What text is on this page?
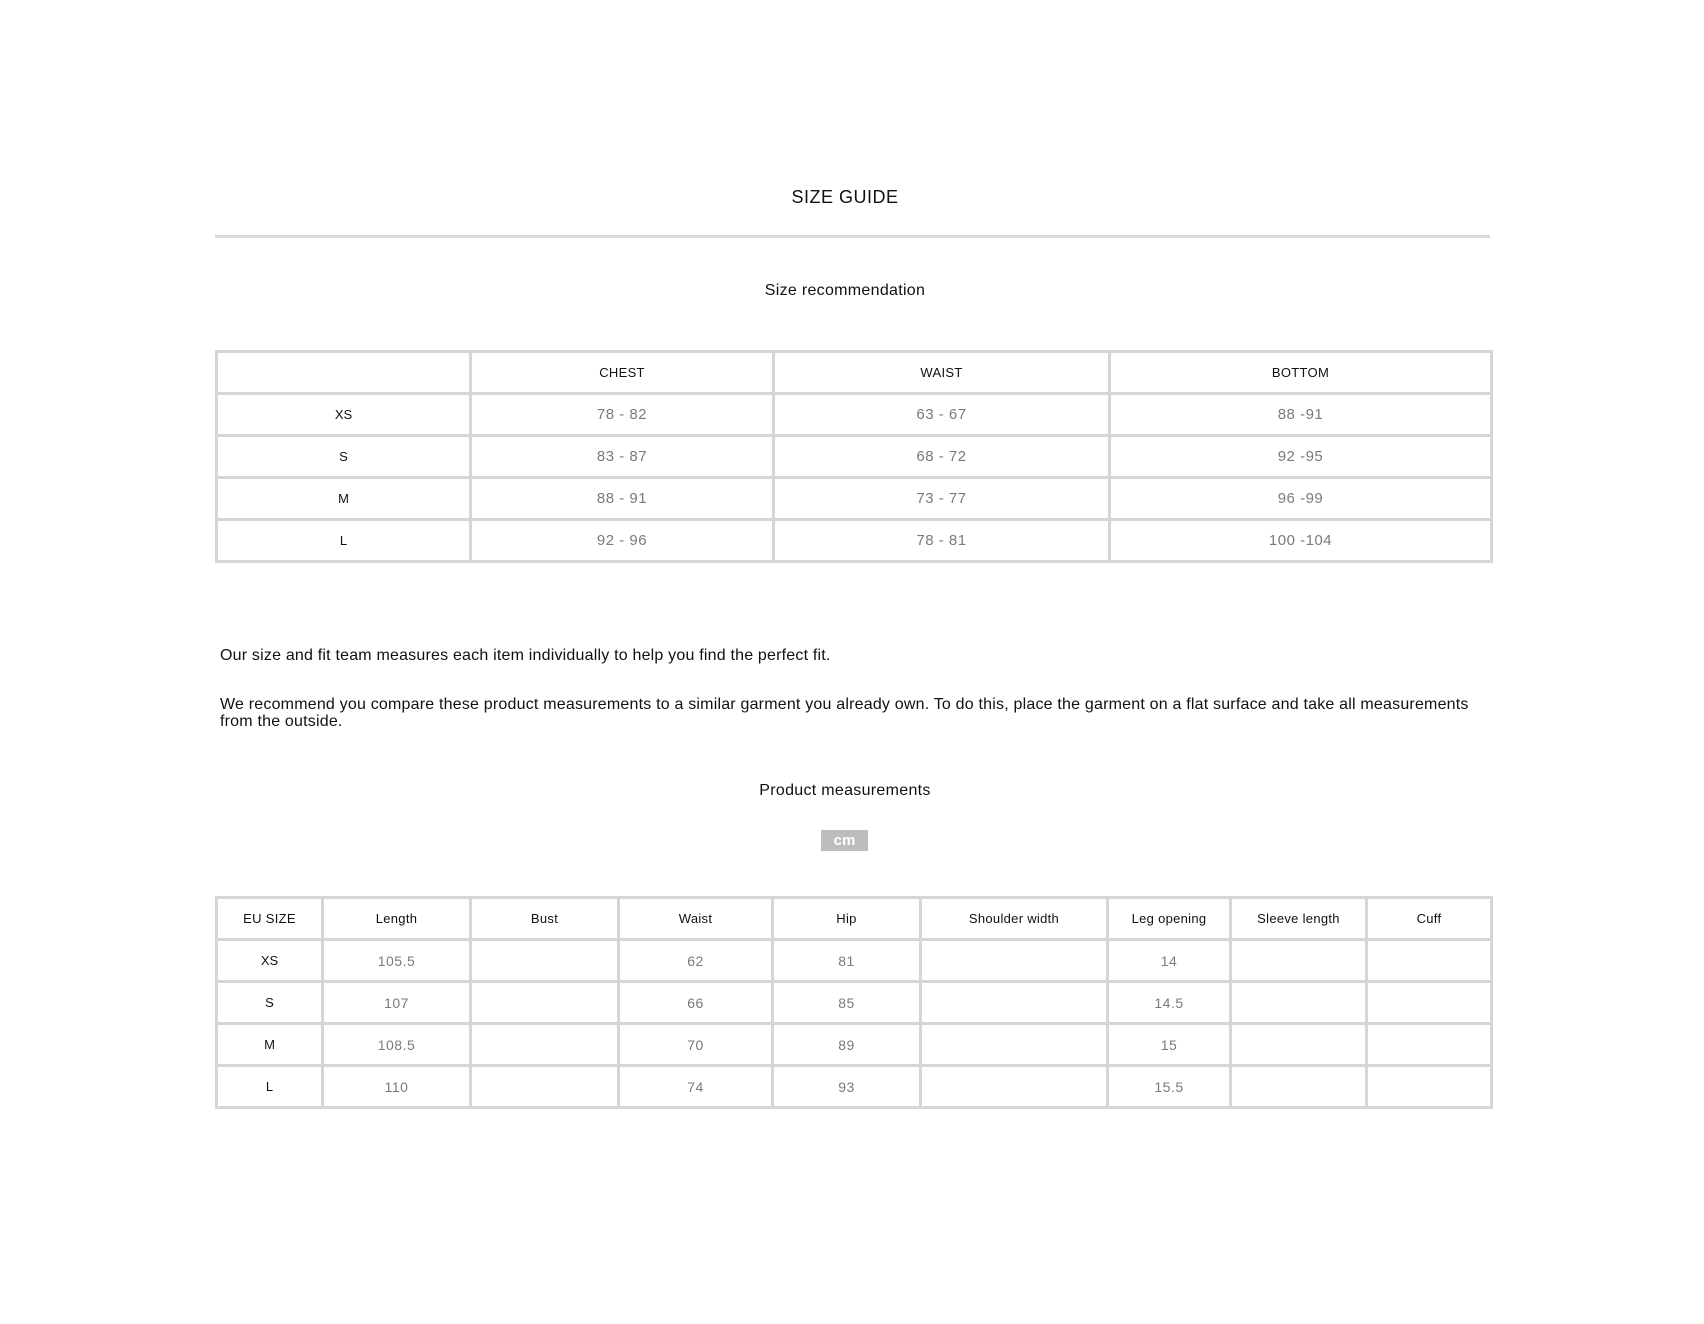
SIZE GUIDE
Size recommendation
	CHEST	WAIST	BOTTOM
XS	78 - 82	63 - 67	88 -91
S	83 - 87	68 - 72	92 -95
M	88 - 91	73 - 77	96 -99
L	92 - 96	78 - 81	100 -104
Our size and fit team measures each item individually to help you find the perfect fit.
We recommend you compare these product measurements to a similar garment you already own. To do this, place the garment on a flat surface and take all measurements from the outside.
Product measurements
cm
EU SIZE	Length	Bust	Waist	Hip	Shoulder width	Leg opening	Sleeve length	Cuff
XS	105.5		62	81		14		
S	107		66	85		14.5		
M	108.5		70	89		15		
L	110		74	93		15.5		
